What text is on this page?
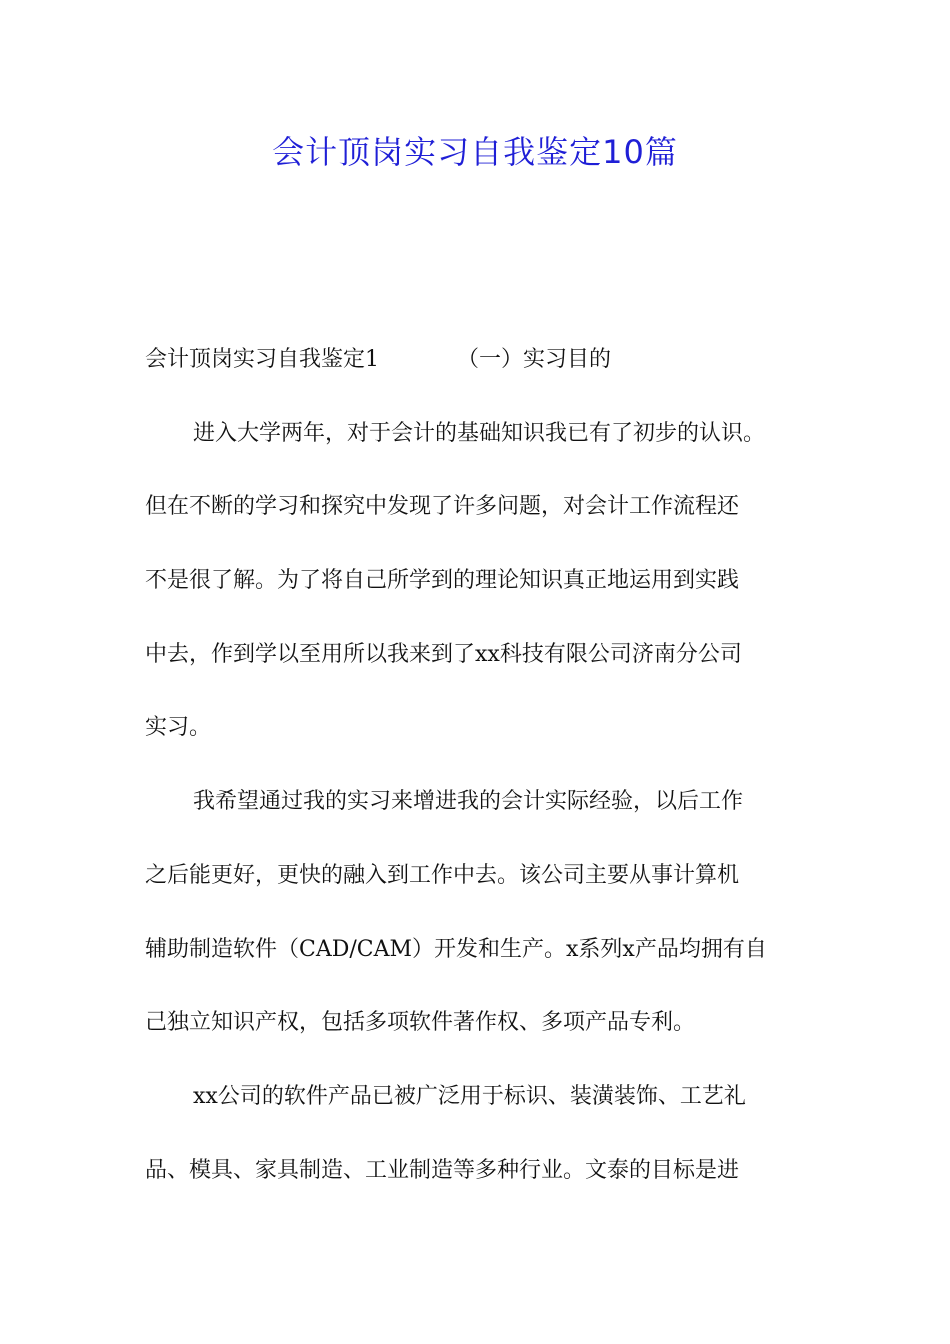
会计顶岗实习自我鉴定10篇
会计顶岗实习自我鉴定1	（一）实习目的
进入大学两年，对于会计的基础知识我已有了初步的认识。
但在不断的学习和探究中发现了许多问题，对会计工作流程还
不是很了解。为了将自己所学到的理论知识真正地运用到实践
中去，作到学以至用所以我来到了xx科技有限公司济南分公司
实习。
我希望通过我的实习来增进我的会计实际经验，以后工作
之后能更好，更快的融入到工作中去。该公司主要从事计算机
辅助制造软件（CAD/CAM）开发和生产。x系列x产品均拥有自
己独立知识产权，包括多项软件著作权、多项产品专利。
xx公司的软件产品已被广泛用于标识、装潢装饰、工艺礼
品、模具、家具制造、工业制造等多种行业。文泰的目标是进
